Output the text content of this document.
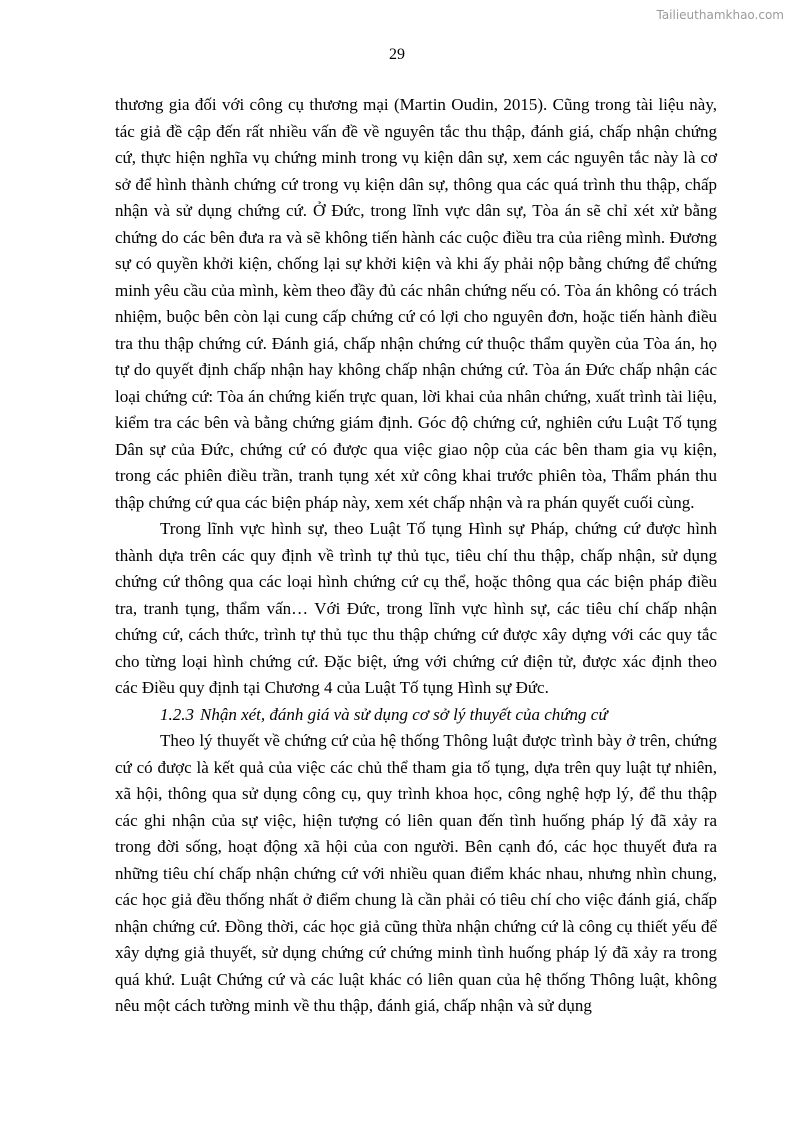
Tailieuthamkhao.com
29

thương gia đối với công cụ thương mại (Martin Oudin, 2015). Cũng trong tài liệu này, tác giả đề cập đến rất nhiều vấn đề về nguyên tắc thu thập, đánh giá, chấp nhận chứng cứ, thực hiện nghĩa vụ chứng minh trong vụ kiện dân sự, xem các nguyên tắc này là cơ sở để hình thành chứng cứ trong vụ kiện dân sự, thông qua các quá trình thu thập, chấp nhận và sử dụng chứng cứ. Ở Đức, trong lĩnh vực dân sự, Tòa án sẽ chỉ xét xử bằng chứng do các bên đưa ra và sẽ không tiến hành các cuộc điều tra của riêng mình. Đương sự có quyền khởi kiện, chống lại sự khởi kiện và khi ấy phải nộp bằng chứng để chứng minh yêu cầu của mình, kèm theo đầy đủ các nhân chứng nếu có. Tòa án không có trách nhiệm, buộc bên còn lại cung cấp chứng cứ có lợi cho nguyên đơn, hoặc tiến hành điều tra thu thập chứng cứ. Đánh giá, chấp nhận chứng cứ thuộc thẩm quyền của Tòa án, họ tự do quyết định chấp nhận hay không chấp nhận chứng cứ. Tòa án Đức chấp nhận các loại chứng cứ: Tòa án chứng kiến trực quan, lời khai của nhân chứng, xuất trình tài liệu, kiểm tra các bên và bằng chứng giám định. Góc độ chứng cứ, nghiên cứu Luật Tố tụng Dân sự của Đức, chứng cứ có được qua việc giao nộp của các bên tham gia vụ kiện, trong các phiên điều trần, tranh tụng xét xử công khai trước phiên tòa, Thẩm phán thu thập chứng cứ qua các biện pháp này, xem xét chấp nhận và ra phán quyết cuối cùng.

Trong lĩnh vực hình sự, theo Luật Tố tụng Hình sự Pháp, chứng cứ được hình thành dựa trên các quy định về trình tự thủ tục, tiêu chí thu thập, chấp nhận, sử dụng chứng cứ thông qua các loại hình chứng cứ cụ thể, hoặc thông qua các biện pháp điều tra, tranh tụng, thẩm vấn… Với Đức, trong lĩnh vực hình sự, các tiêu chí chấp nhận chứng cứ, cách thức, trình tự thủ tục thu thập chứng cứ được xây dựng với các quy tắc cho từng loại hình chứng cứ. Đặc biệt, ứng với chứng cứ điện tử, được xác định theo các Điều quy định tại Chương 4 của Luật Tố tụng Hình sự Đức.

1.2.3 Nhận xét, đánh giá và sử dụng cơ sở lý thuyết của chứng cứ

Theo lý thuyết về chứng cứ của hệ thống Thông luật được trình bày ở trên, chứng cứ có được là kết quả của việc các chủ thể tham gia tố tụng, dựa trên quy luật tự nhiên, xã hội, thông qua sử dụng công cụ, quy trình khoa học, công nghệ hợp lý, để thu thập các ghi nhận của sự việc, hiện tượng có liên quan đến tình huống pháp lý đã xảy ra trong đời sống, hoạt động xã hội của con người. Bên cạnh đó, các học thuyết đưa ra những tiêu chí chấp nhận chứng cứ với nhiều quan điểm khác nhau, nhưng nhìn chung, các học giả đều thống nhất ở điểm chung là cần phải có tiêu chí cho việc đánh giá, chấp nhận chứng cứ. Đồng thời, các học giả cũng thừa nhận chứng cứ là công cụ thiết yếu để xây dựng giả thuyết, sử dụng chứng cứ chứng minh tình huống pháp lý đã xảy ra trong quá khứ. Luật Chứng cứ và các luật khác có liên quan của hệ thống Thông luật, không nêu một cách tường minh về thu thập, đánh giá, chấp nhận và sử dụng
